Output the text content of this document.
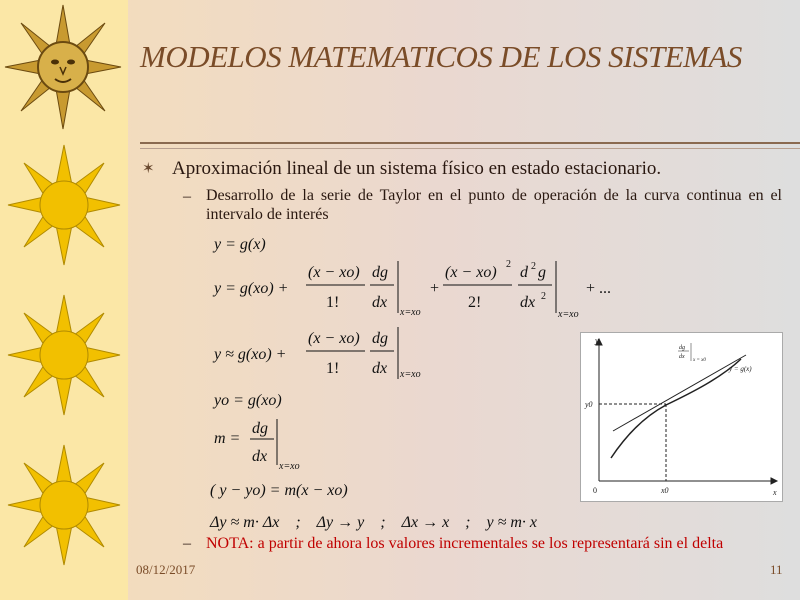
MODELOS MATEMATICOS DE LOS SISTEMAS
✶ Aproximación lineal de un sistema físico en estado estacionario.
– Desarrollo de la serie de Taylor en el punto de operación de la curva continua en el intervalo de interés
y = g(x)
y = g(xo) +
(x − xo)
1!
dg
dx
x=xo
+
(x − xo) 2
2!
d 2 g
dx 2
x=xo
+ ...
y ≈ g(xo) +
(x − xo)
1!
dg
dx x=xo
yo = g(xo)
m =
dg
dx
x=xo
( y − yo) = m(x − xo)
Δy ≈ m· Δx    ;    Δy → y    ;    Δx → x    ;    y ≈ m· x
y
x
y0
x0
0
y = g(x)
dg
dx
x = x0
– NOTA: a partir de ahora los valores incrementales se los representará sin el delta
08/12/2017	11
